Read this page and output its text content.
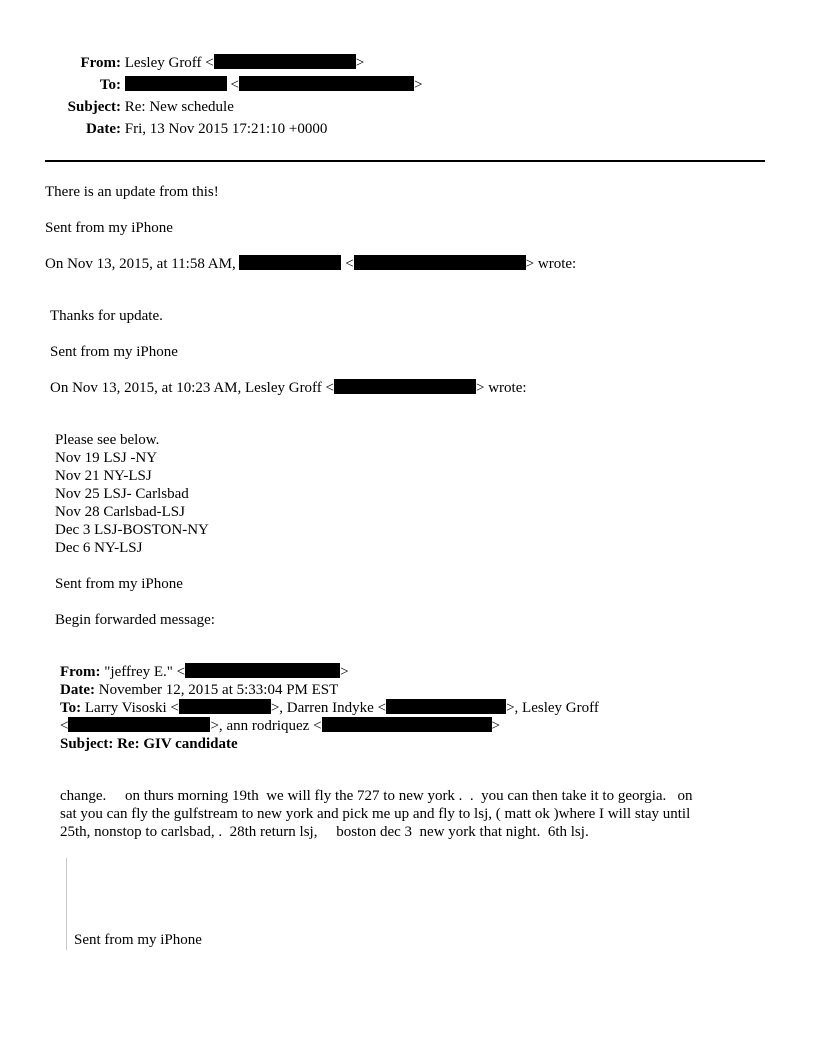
From: Lesley Groff <	>
To:	<	>
Subject: Re: New schedule
Date: Fri, 13 Nov 2015 17:21:10 +0000
There is an update from this!
Sent from my iPhone
On Nov 13, 2015, at 11:58 AM,	<	> wrote:
Thanks for update.
Sent from my iPhone
On Nov 13, 2015, at 10:23 AM, Lesley Groff <	> wrote:
Please see below.
Nov 19 LSJ -NY
Nov 21 NY-LSJ
Nov 25 LSJ- Carlsbad
Nov 28 Carlsbad-LSJ
Dec 3 LSJ-BOSTON-NY
Dec 6 NY-LSJ
Sent from my iPhone
Begin forwarded message:
From: "jeffrey E." <	>
Date: November 12, 2015 at 5:33:04 PM EST
To: Larry Visoski <	>, Darren Indyke <	>, Lesley Groff
<	>, ann rodriquez <	>
Subject: Re: GIV candidate
change.     on thurs morning 19th  we will fly the 727 to new york .  .  you can then take it to georgia.   on
sat you can fly the gulfstream to new york and pick me up and fly to lsj, ( matt ok )where I will stay until
25th, nonstop to carlsbad, .  28th return lsj,     boston dec 3  new york that night.  6th lsj.
Sent from my iPhone
